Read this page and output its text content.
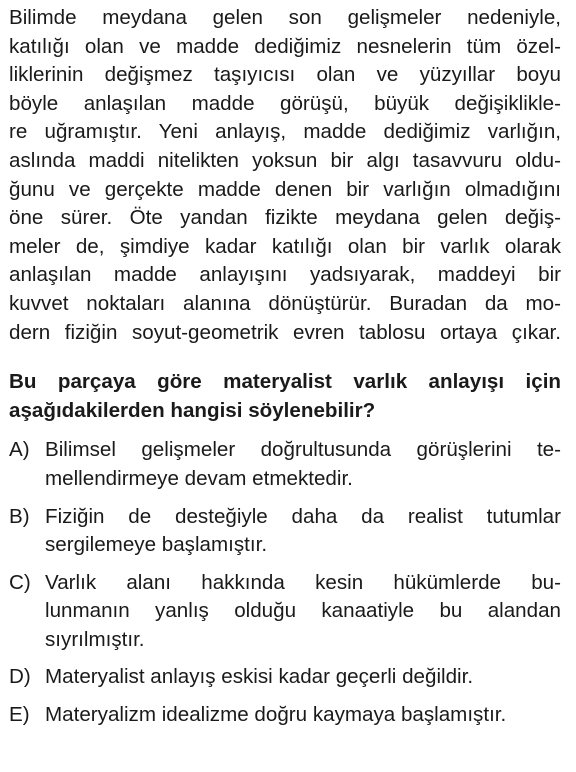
Bilimde meydana gelen son gelişmeler nedeniyle,
katılığı olan ve madde dediğimiz nesnelerin tüm özel-
liklerinin değişmez taşıyıcısı olan ve yüzyıllar boyu
böyle anlaşılan madde görüşü, büyük değişiklikle-
re uğramıştır. Yeni anlayış, madde dediğimiz varlığın,
aslında maddi nitelikten yoksun bir algı tasavvuru oldu-
ğunu ve gerçekte madde denen bir varlığın olmadığını
öne sürer. Öte yandan fizikte meydana gelen değiş-
meler de, şimdiye kadar katılığı olan bir varlık olarak
anlaşılan madde anlayışını yadsıyarak, maddeyi bir
kuvvet noktaları alanına dönüştürür. Buradan da mo-
dern fiziğin soyut-geometrik evren tablosu ortaya çıkar.
Bu parçaya göre materyalist varlık anlayışı için
aşağıdakilerden hangisi söylenebilir?
A) Bilimsel gelişmeler doğrultusunda görüşlerini te-
mellendirmeye devam etmektedir.
B) Fiziğin de desteğiyle daha da realist tutumlar
sergilemeye başlamıştır.
C) Varlık alanı hakkında kesin hükümlerde bu-
lunmanın yanlış olduğu kanaatiyle bu alandan
sıyrılmıştır.
D) Materyalist anlayış eskisi kadar geçerli değildir.
E) Materyalizm idealizme doğru kaymaya başlamıştır.
